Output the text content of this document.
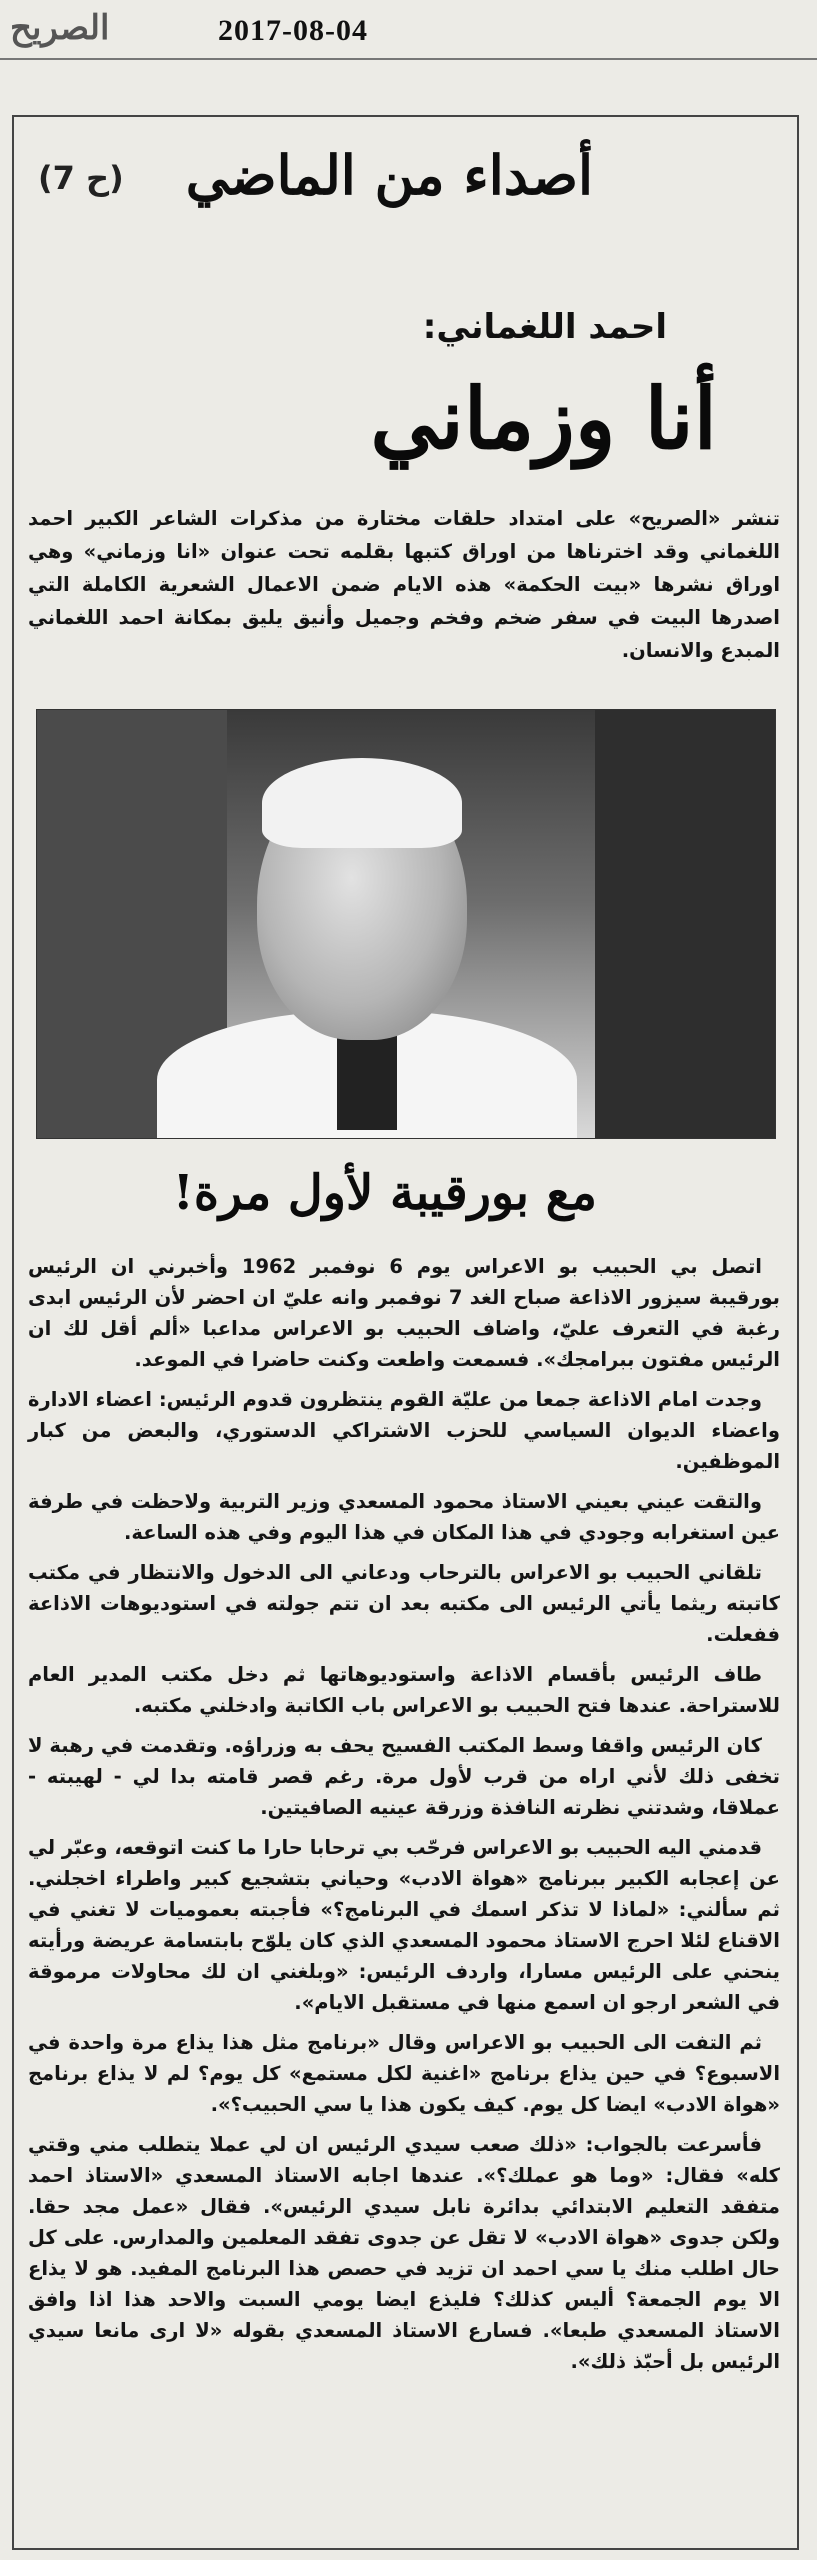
الصريح	2017-08-04
أصداء من الماضي
(ح 7)
احمد اللغماني:
أنا وزماني
تنشر «الصريح» على امتداد حلقات مختارة من مذكرات الشاعر الكبير احمد اللغماني وقد اخترناها من اوراق كتبها بقلمه تحت عنوان «انا وزماني» وهي اوراق نشرها «بيت الحكمة» هذه الايام ضمن الاعمال الشعرية الكاملة التي اصدرها البيت في سفر ضخم وفخم وجميل وأنيق يليق بمكانة احمد اللغماني المبدع والانسان.
مع بورقيبة لأول مرة!

اتصل بي الحبيب بو الاعراس يوم 6 نوفمبر 1962 وأخبرني ان الرئيس بورقيبة سيزور الاذاعة صباح الغد 7 نوفمبر وانه عليّ ان احضر لأن الرئيس ابدى رغبة في التعرف عليّ، واضاف الحبيب بو الاعراس مداعبا «ألم أقل لك ان الرئيس مفتون ببرامجك». فسمعت واطعت وكنت حاضرا في الموعد.

وجدت امام الاذاعة جمعا من عليّة القوم ينتظرون قدوم الرئيس: اعضاء الادارة واعضاء الديوان السياسي للحزب الاشتراكي الدستوري، والبعض من كبار الموظفين.

والتقت عيني بعيني الاستاذ محمود المسعدي وزير التربية ولاحظت في طرفة عين استغرابه وجودي في هذا المكان في هذا اليوم وفي هذه الساعة.

تلقاني الحبيب بو الاعراس بالترحاب ودعاني الى الدخول والانتظار في مكتب كاتبته ريثما يأتي الرئيس الى مكتبه بعد ان تتم جولته في استوديوهات الاذاعة ففعلت.

طاف الرئيس بأقسام الاذاعة واستوديوهاتها ثم دخل مكتب المدير العام للاستراحة. عندها فتح الحبيب بو الاعراس باب الكاتبة وادخلني مكتبه.

كان الرئيس واقفا وسط المكتب الفسيح يحف به وزراؤه. وتقدمت في رهبة لا تخفى ذلك لأني اراه من قرب لأول مرة. رغم قصر قامته بدا لي - لهيبته - عملاقا، وشدتني نظرته النافذة وزرقة عينيه الصافيتين.

قدمني اليه الحبيب بو الاعراس فرحّب بي ترحابا حارا ما كنت اتوقعه، وعبّر لي عن إعجابه الكبير ببرنامج «هواة الادب» وحياني بتشجيع كبير واطراء اخجلني. ثم سألني: «لماذا لا تذكر اسمك في البرنامج؟» فأجبته بعموميات لا تغني في الاقناع لئلا احرج الاستاذ محمود المسعدي الذي كان يلوّح بابتسامة عريضة ورأيته ينحني على الرئيس مسارا، واردف الرئيس: «وبلغني ان لك محاولات مرموقة في الشعر ارجو ان اسمع منها في مستقبل الايام».

ثم التفت الى الحبيب بو الاعراس وقال «برنامج مثل هذا يذاع مرة واحدة في الاسبوع؟ في حين يذاع برنامج «اغنية لكل مستمع» كل يوم؟ لم لا يذاع برنامج «هواة الادب» ايضا كل يوم. كيف يكون هذا يا سي الحبيب؟».

فأسرعت بالجواب: «ذلك صعب سيدي الرئيس ان لي عملا يتطلب مني وقتي كله» فقال: «وما هو عملك؟». عندها اجابه الاستاذ المسعدي «الاستاذ احمد متفقد التعليم الابتدائي بدائرة نابل سيدي الرئيس». فقال «عمل مجد حقا. ولكن جدوى «هواة الادب» لا تقل عن جدوى تفقد المعلمين والمدارس. على كل حال اطلب منك يا سي احمد ان تزيد في حصص هذا البرنامج المفيد. هو لا يذاع الا يوم الجمعة؟ أليس كذلك؟ فليذع ايضا يومي السبت والاحد هذا اذا وافق الاستاذ المسعدي طبعا». فسارع الاستاذ المسعدي بقوله «لا ارى مانعا سيدي الرئيس بل أحبّذ ذلك».
